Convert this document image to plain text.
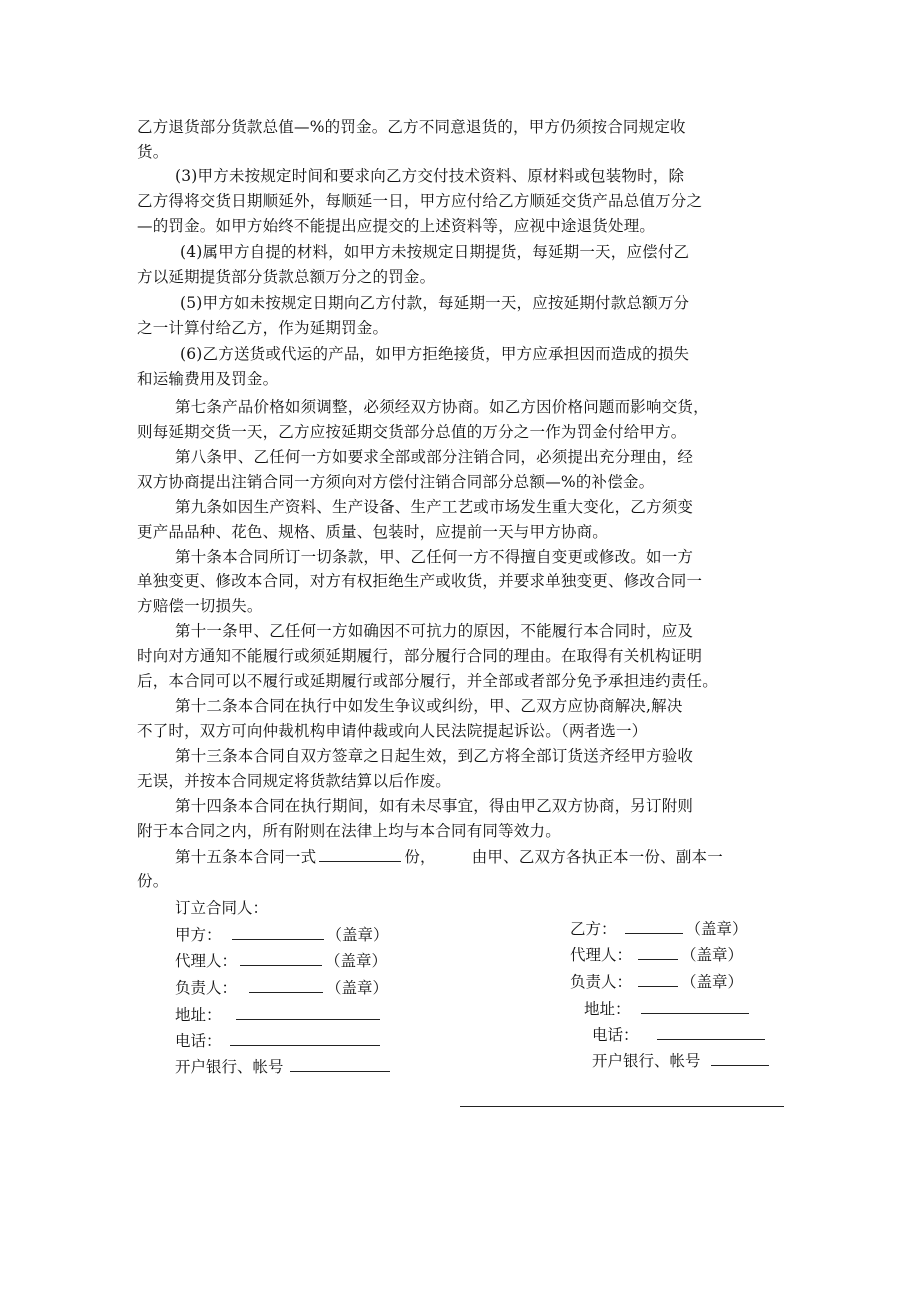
乙方退货部分货款总值—%的罚金。乙方不同意退货的，甲方仍须按合同规定收
货。
(3)甲方未按规定时间和要求向乙方交付技术资料、原材料或包装物时，除
乙方得将交货日期顺延外，每顺延一日，甲方应付给乙方顺延交货产品总值万分之
—的罚金。如甲方始终不能提出应提交的上述资料等，应视中途退货处理。
(4)属甲方自提的材料，如甲方未按规定日期提货，每延期一天，应偿付乙
方以延期提货部分货款总额万分之的罚金。
(5)甲方如未按规定日期向乙方付款，每延期一天，应按延期付款总额万分
之一计算付给乙方，作为延期罚金。
(6)乙方送货或代运的产品，如甲方拒绝接货，甲方应承担因而造成的损失
和运输费用及罚金。
第七条产品价格如须调整，必须经双方协商。如乙方因价格问题而影响交货，
则每延期交货一天，乙方应按延期交货部分总值的万分之一作为罚金付给甲方。
第八条甲、乙任何一方如要求全部或部分注销合同，必须提出充分理由，经
双方协商提出注销合同一方须向对方偿付注销合同部分总额—%的补偿金。
第九条如因生产资料、生产设备、生产工艺或市场发生重大变化，乙方须变
更产品品种、花色、规格、质量、包装时，应提前一天与甲方协商。
第十条本合同所订一切条款，甲、乙任何一方不得擅自变更或修改。如一方
单独变更、修改本合同，对方有权拒绝生产或收货，并要求单独变更、修改合同一
方赔偿一切损失。
第十一条甲、乙任何一方如确因不可抗力的原因，不能履行本合同时，应及
时向对方通知不能履行或须延期履行，部分履行合同的理由。在取得有关机构证明
后，本合同可以不履行或延期履行或部分履行，并全部或者部分免予承担违约责任。
第十二条本合同在执行中如发生争议或纠纷，甲、乙双方应协商解决,解决
不了时，双方可向仲裁机构申请仲裁或向人民法院提起诉讼。（两者选一）
第十三条本合同自双方签章之日起生效，到乙方将全部订货送齐经甲方验收
无误，并按本合同规定将货款结算以后作废。
第十四条本合同在执行期间，如有未尽事宜，得由甲乙双方协商，另订附则
附于本合同之内，所有附则在法律上均与本合同有同等效力。
第十五条本合同一式	份， 由甲、乙双方各执正本一份、副本一
份。
订立合同人：
甲方：	（盖章）
代理人：	（盖章）
负责人：	（盖章）
地址：
电话：
开户银行、帐号
乙方：	（盖章）
代理人：	（盖章）
负责人：	（盖章）
地址：
电话：
开户银行、帐号
